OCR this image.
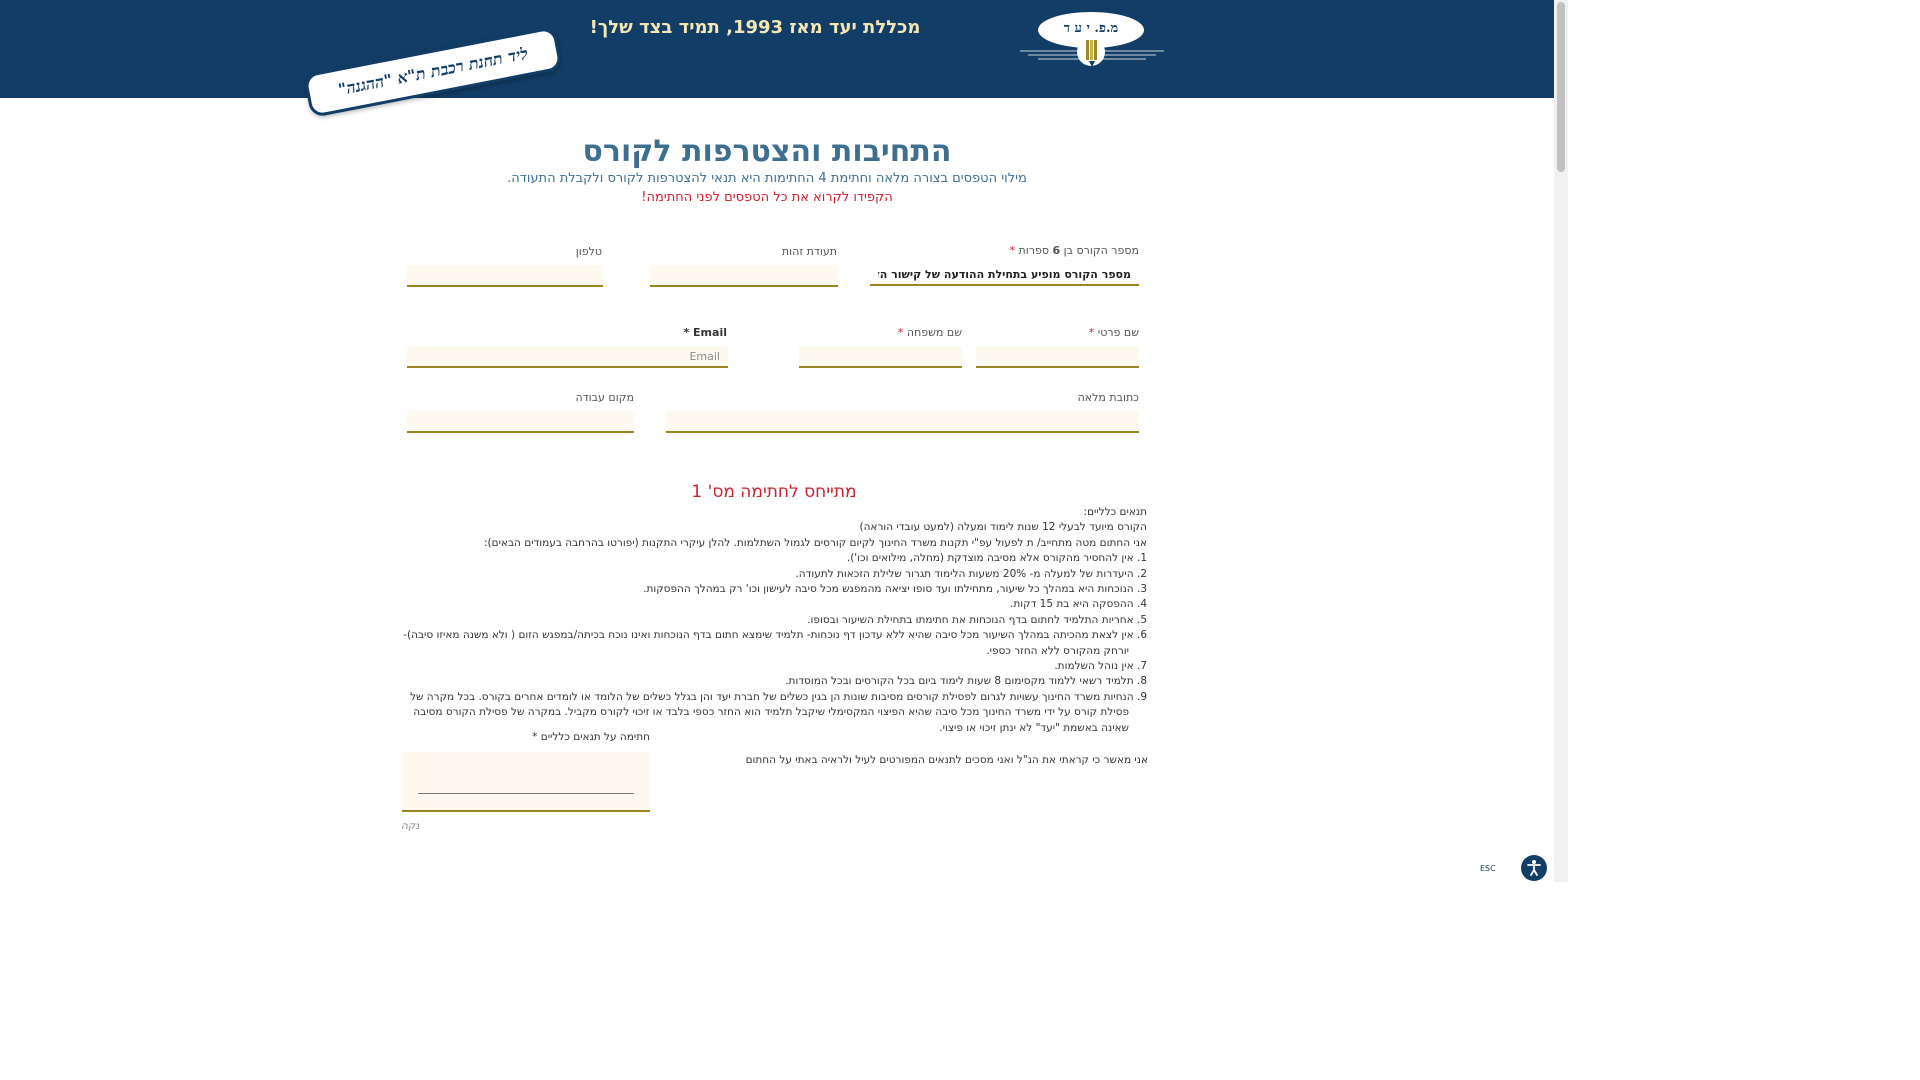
ליד תחנת רכבת ת"א "ההגנה"
מכללת יעד מאז 1993, תמיד בצד שלך!	מ.פ. י ע ד
התחיבות והצטרפות לקורס
מילוי הטפסים בצורה מלאה וחתימת 4 החתימות היא תנאי להצטרפות לקורס ולקבלת התעודה.
הקפידו לקרוא את כל הטפסים לפני החתימה!
מספר הקורס בן 6 ספרות *
מספר הקורס מופיע בתחילת ההודעה של קישור הזום
תעודת זהות
טלפון
שם פרטי *
שם משפחה *
Email *
Email
כתובת מלאה
מקום עבודה
מתייחס לחתימה מס' 1
תנאים כלליים:
הקורס מיועד לבעלי 12 שנות לימוד ומעלה (למעט עובדי הוראה)
אני החתום מטה מתחייב/ ת לפעול עפ"י תקנות משרד החינוך לקיום קורסים לגמול השתלמות. להלן עיקרי התקנות (יפורטו בהרחבה בעמודים הבאים):
1. אין להחסיר מהקורס אלא מסיבה מוצדקת (מחלה, מילואים וכו').
2. היעדרות של למעלה מ- 20% משעות הלימוד תגרור שלילת הזכאות לתעודה.
3. הנוכחות היא במהלך כל שיעור, מתחילתו ועד סופו יציאה מהמפגש מכל סיבה לעישון וכו' רק במהלך ההפסקות.
4. ההפסקה היא בת 15 דקות.
5. אחריות התלמיד לחתום בדף הנוכחות את חתימתו בתחילת השיעור ובסופו.
6. אין לצאת מהכיתה במהלך השיעור מכל סיבה שהיא ללא עדכון דף נוכחות- תלמיד שימצא חתום בדף הנוכחות ואינו נוכח בכיתה/במפגש הזום ( ולא משנה מאיזו סיבה)-
יורחק מהקורס ללא החזר כספי.
7. אין נוהל השלמות.
8. תלמיד רשאי ללמוד מקסימום 8 שעות לימוד ביום בכל הקורסים ובכל המוסדות.
9. הנחיות משרד החינוך עשויות לגרום לפסילת קורסים מסיבות שונות הן בגין כשלים של חברת יעד והן בגלל כשלים של הלומד או לומדים אחרים בקורס. בכל מקרה של
פסילת קורס על ידי משרד החינוך מכל סיבה שהיא הפיצוי המקסימלי שיקבל תלמיד הוא החזר כספי בלבד או זיכוי לקורס מקביל. במקרה של פסילת הקורס מסיבה
שאינה באשמת "יעד" לא ינתן זיכוי או פיצוי.
חתימה על תנאים כלליים *
אני מאשר כי קראתי את הנ"ל ואני מסכים לתנאים המפורטים לעיל ולראיה באתי על החתום
נקה
ESC
